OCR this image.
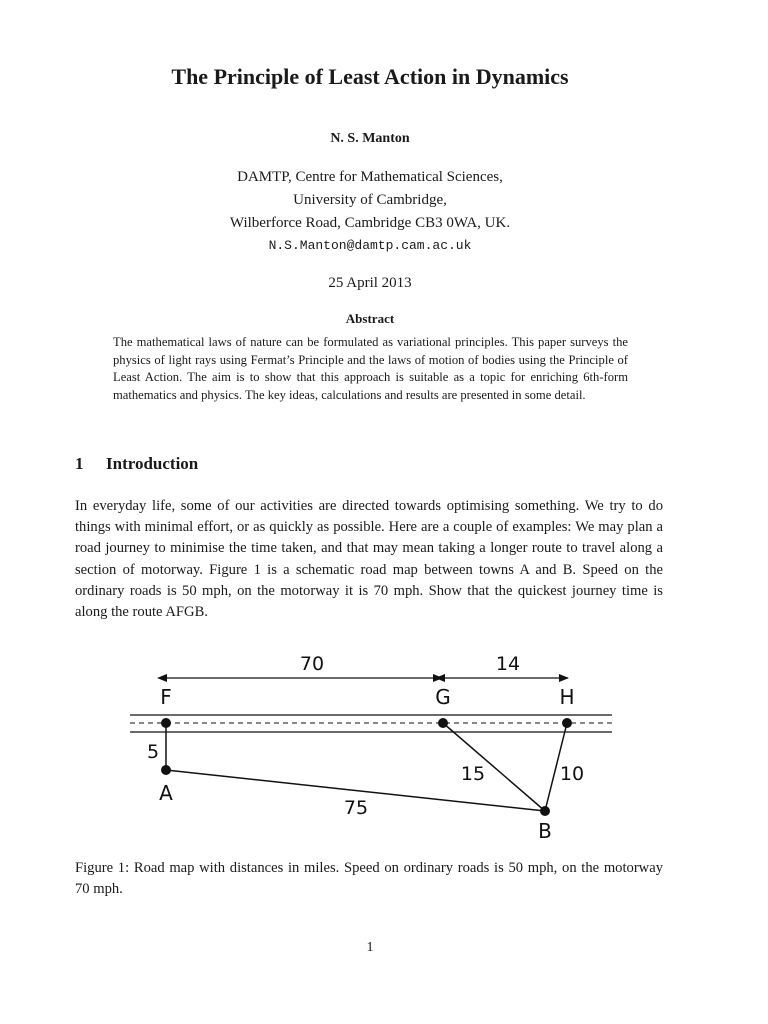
The Principle of Least Action in Dynamics
N. S. Manton
DAMTP, Centre for Mathematical Sciences,
University of Cambridge,
Wilberforce Road, Cambridge CB3 0WA, UK.
N.S.Manton@damtp.cam.ac.uk
25 April 2013
Abstract
The mathematical laws of nature can be formulated as variational principles. This paper surveys the physics of light rays using Fermat’s Principle and the laws of motion of bodies using the Principle of Least Action. The aim is to show that this approach is suitable as a topic for enriching 6th-form mathematics and physics. The key ideas, calculations and results are presented in some detail.
1 Introduction
In everyday life, some of our activities are directed towards optimising something. We try to do things with minimal effort, or as quickly as possible. Here are a couple of examples: We may plan a road journey to minimise the time taken, and that may mean taking a longer route to travel along a section of motorway. Figure 1 is a schematic road map between towns A and B. Speed on the ordinary roads is 50 mph, on the motorway it is 70 mph. Show that the quickest journey time is along the route AFGB.
70	14
F	G	H
5
15	10
75
A
B
Figure 1: Road map with distances in miles. Speed on ordinary roads is 50 mph, on the motorway 70 mph.
1
